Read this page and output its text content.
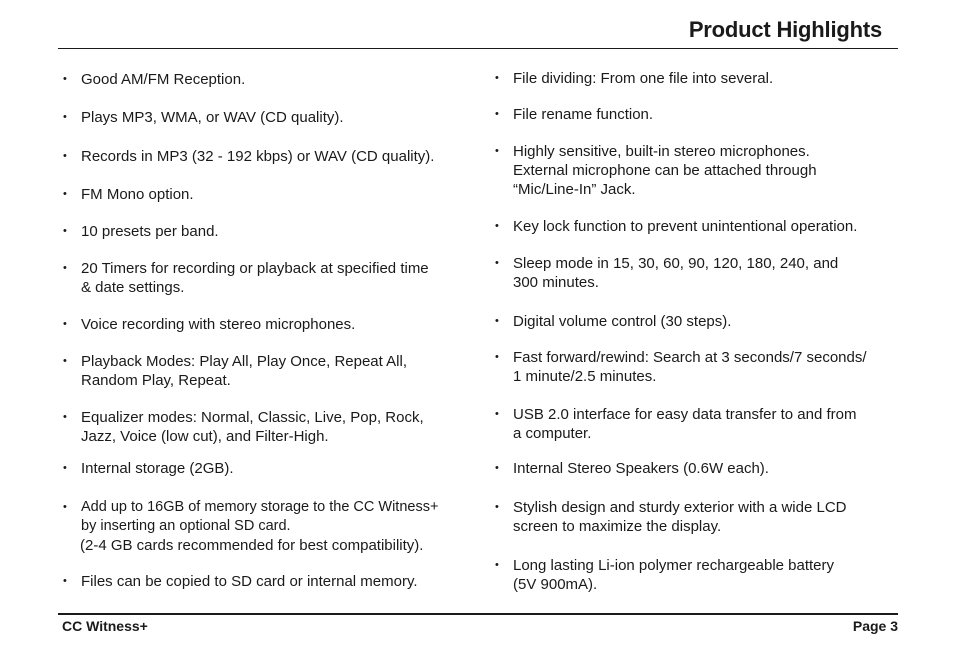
Product Highlights
• Good AM/FM Reception.
• Plays MP3, WMA, or WAV (CD quality).
• Records in MP3 (32 - 192 kbps) or WAV (CD quality).
• FM Mono option.
• 10 presets per band.
• 20 Timers for recording or playback at specified time
& date settings.
• Voice recording with stereo microphones.
• Playback Modes: Play All, Play Once, Repeat All,
Random Play, Repeat.
• Equalizer modes: Normal, Classic, Live, Pop, Rock,
Jazz, Voice (low cut), and Filter-High.
• Internal storage (2GB).
• Add up to 16GB of memory storage to the CC Witness+
by inserting an optional SD card.
(2-4 GB cards recommended for best compatibility).
• Files can be copied to SD card or internal memory.
• File dividing: From one file into several.
• File rename function.
• Highly sensitive, built-in stereo microphones.
External microphone can be attached through
“Mic/Line-In” Jack.
• Key lock function to prevent unintentional operation.
• Sleep mode in 15, 30, 60, 90, 120, 180, 240, and
300 minutes.
• Digital volume control (30 steps).
• Fast forward/rewind: Search at 3 seconds/7 seconds/
1 minute/2.5 minutes.
• USB 2.0 interface for easy data transfer to and from
a computer.
• Internal Stereo Speakers (0.6W each).
• Stylish design and sturdy exterior with a wide LCD
screen to maximize the display.
• Long lasting Li-ion polymer rechargeable battery
(5V 900mA).
CC Witness+	Page 3
